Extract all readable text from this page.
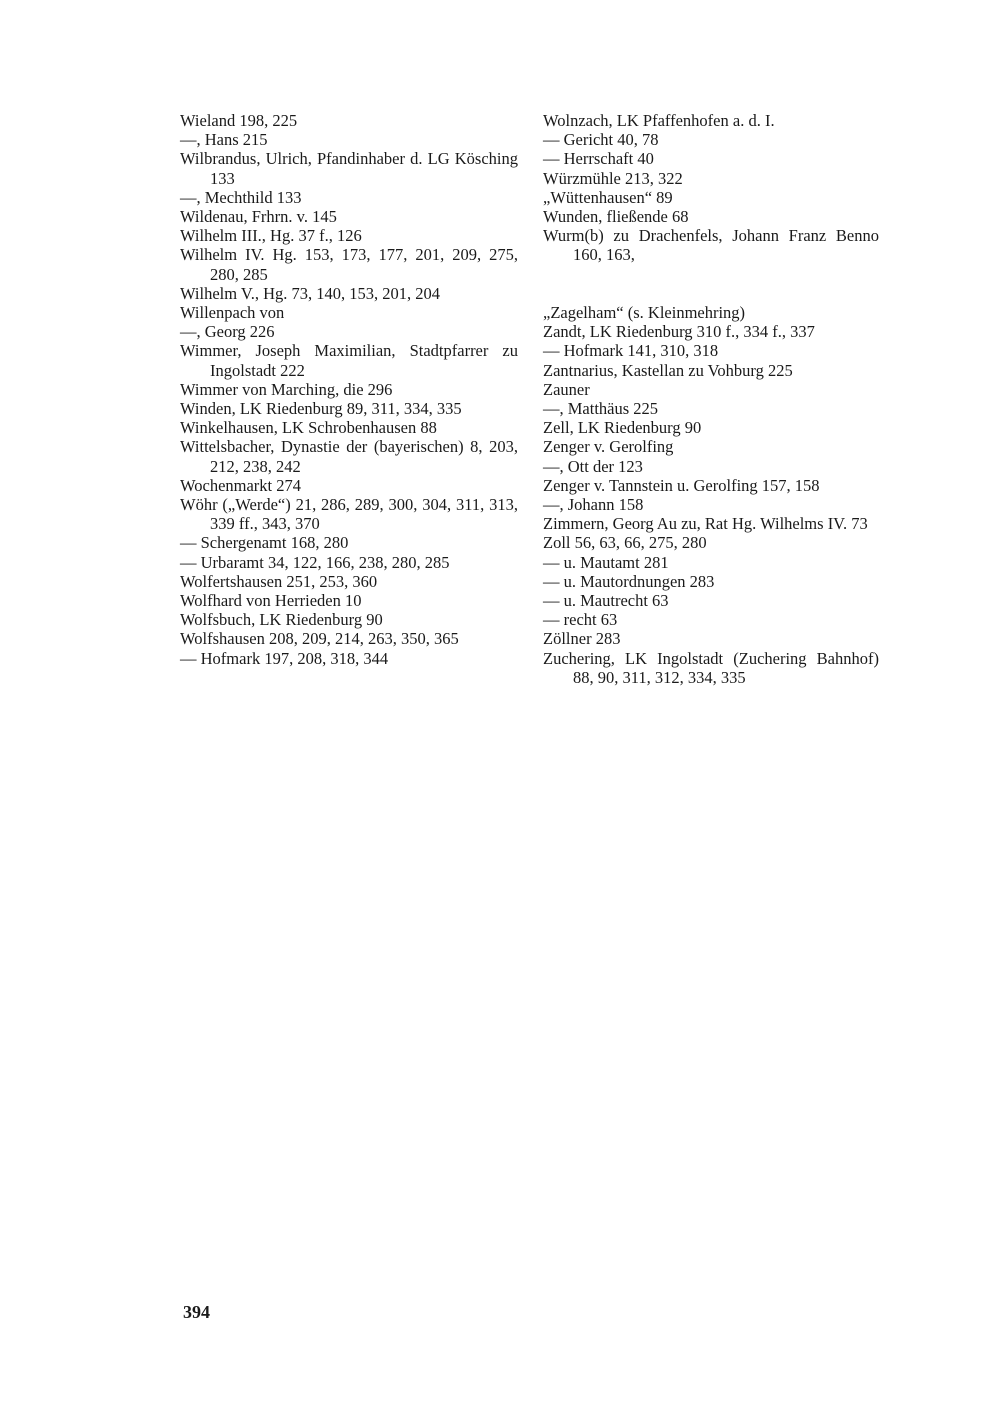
Wieland 198, 225

—, Hans 215

Wilbrandus, Ulrich, Pfandinhaber d. LG Kösching 133

—, Mechthild 133

Wildenau, Frhrn. v. 145

Wilhelm III., Hg. 37 f., 126

Wilhelm IV. Hg. 153, 173, 177, 201, 209, 275, 280, 285

Wilhelm V., Hg. 73, 140, 153, 201, 204

Willenpach von

—, Georg 226

Wimmer, Joseph Maximilian, Stadtpfarrer zu Ingolstadt 222

Wimmer von Marching, die 296

Winden, LK Riedenburg 89, 311, 334, 335

Winkelhausen, LK Schrobenhausen 88

Wittelsbacher, Dynastie der (bayerischen) 8, 203, 212, 238, 242

Wochenmarkt 274

Wöhr („Werde“) 21, 286, 289, 300, 304, 311, 313, 339 ff., 343, 370

— Schergenamt 168, 280

— Urbaramt 34, 122, 166, 238, 280, 285

Wolfertshausen 251, 253, 360

Wolfhard von Herrieden 10

Wolfsbuch, LK Riedenburg 90

Wolfshausen 208, 209, 214, 263, 350, 365

— Hofmark 197, 208, 318, 344

Wolnzach, LK Pfaffenhofen a. d. I.

— Gericht 40, 78

— Herrschaft 40

Würzmühle 213, 322

„Wüttenhausen“ 89

Wunden, fließende 68

Wurm(b) zu Drachenfels, Johann Franz Benno 160, 163,

„Zagelham“ (s. Kleinmehring)

Zandt, LK Riedenburg 310 f., 334 f., 337

— Hofmark 141, 310, 318

Zantnarius, Kastellan zu Vohburg 225

Zauner

—, Matthäus 225

Zell, LK Riedenburg 90

Zenger v. Gerolfing

—, Ott der 123

Zenger v. Tannstein u. Gerolfing 157, 158

—, Johann 158

Zimmern, Georg Au zu, Rat Hg. Wilhelms IV. 73

Zoll 56, 63, 66, 275, 280

— u. Mautamt 281

— u. Mautordnungen 283

— u. Mautrecht 63

— recht 63

Zöllner 283

Zuchering, LK Ingolstadt (Zuchering Bahnhof) 88, 90, 311, 312, 334, 335

394
